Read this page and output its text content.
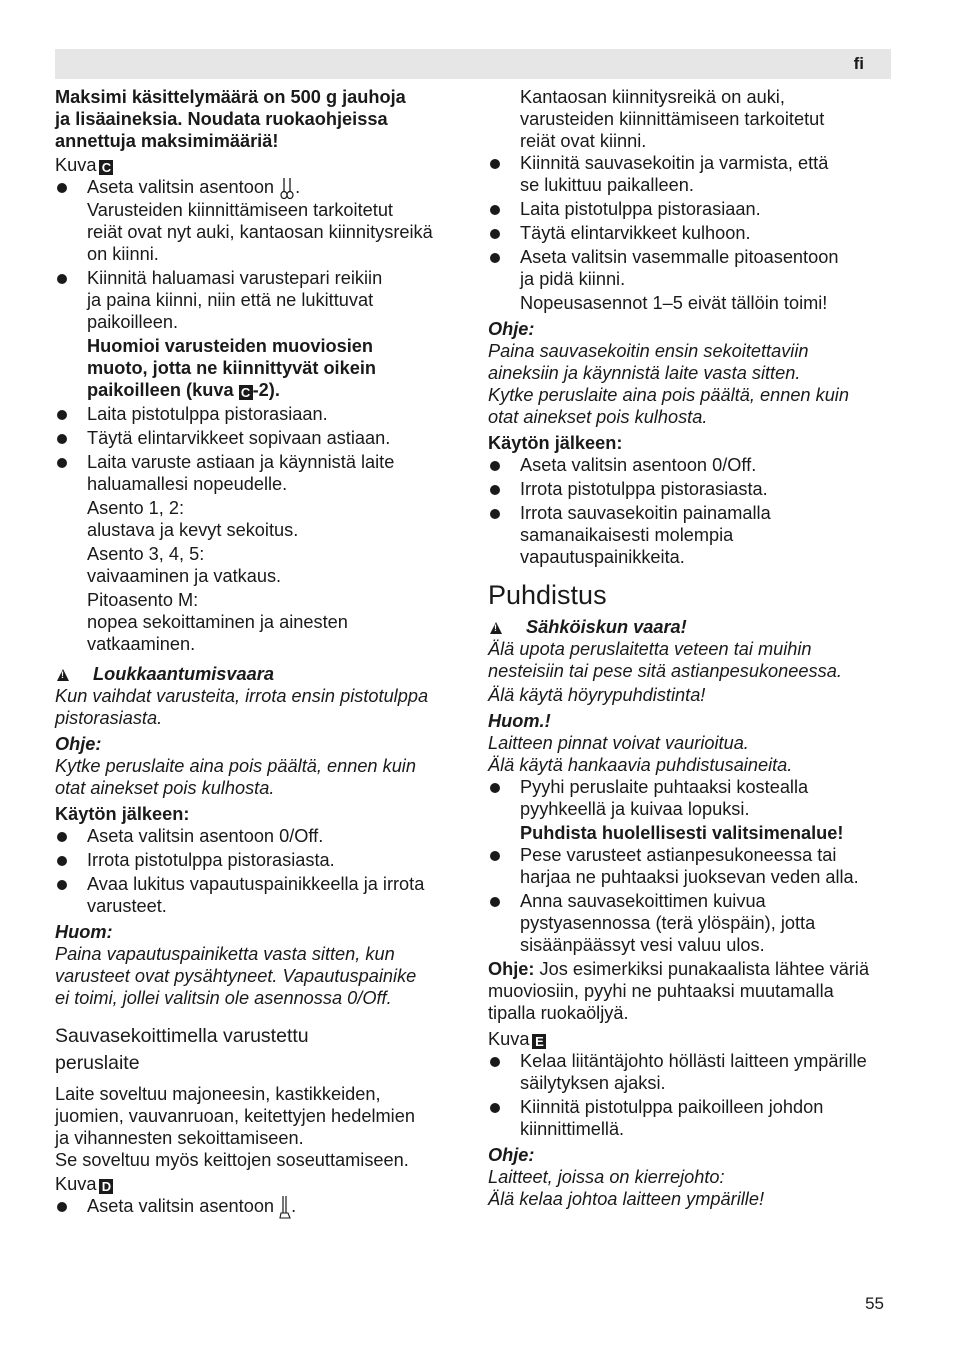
fi
Maksimi käsittelymäärä on 500 g jauhoja
ja lisäaineksia. Noudata ruokaohjeissa
annettuja maksimimääriä!
Kuva C
Aseta valitsin asentoon .
Varusteiden kiinnittämiseen tarkoitetut
reiät ovat nyt auki, kantaosan kiinnitysreikä
on kiinni.
Kiinnitä haluamasi varustepari reikiin
ja paina kiinni, niin että ne lukittuvat
paikoilleen.
Huomioi varusteiden muoviosien
muoto, jotta ne kiinnittyvät oikein
paikoilleen (kuva C -2).
Laita pistotulppa pistorasiaan.
Täytä elintarvikkeet sopivaan astiaan.
Laita varuste astiaan ja käynnistä laite
haluamallesi nopeudelle.
Asento 1, 2:
alustava ja kevyt sekoitus.
Asento 3, 4, 5:
vaivaaminen ja vatkaus.
Pitoasento M:
nopea sekoittaminen ja ainesten
vatkaaminen.
!Loukkaantumisvaara
Kun vaihdat varusteita, irrota ensin pistotulppa
pistorasiasta.
Ohje:
Kytke peruslaite aina pois päältä, ennen kuin
otat ainekset pois kulhosta.
Käytön jälkeen:
Aseta valitsin asentoon 0/Off.
Irrota pistotulppa pistorasiasta.
Avaa lukitus vapautuspainikkeella ja irrota
varusteet.
Huom:
Paina vapautuspainiketta vasta sitten, kun
varusteet ovat pysähtyneet. Vapautuspainike
ei toimi, jollei valitsin ole asennossa 0/Off.
Sauvasekoittimella varustettu
peruslaite
Laite soveltuu majoneesin, kastikkeiden,
juomien, vauvanruoan, keitettyjen hedelmien
ja vihannesten sekoittamiseen.
Se soveltuu myös keittojen soseuttamiseen.
Kuva D
Aseta valitsin asentoon .
Kantaosan kiinnitysreikä on auki,
varusteiden kiinnittämiseen tarkoitetut
reiät ovat kiinni.
Kiinnitä sauvasekoitin ja varmista, että
se lukittuu paikalleen.
Laita pistotulppa pistorasiaan.
Täytä elintarvikkeet kulhoon.
Aseta valitsin vasemmalle pitoasentoon
ja pidä kiinni.
Nopeusasennot 1–5 eivät tällöin toimi!
Ohje:
Paina sauvasekoitin ensin sekoitettaviin
aineksiin ja käynnistä laite vasta sitten.
Kytke peruslaite aina pois päältä, ennen kuin
otat ainekset pois kulhosta.
Käytön jälkeen:
Aseta valitsin asentoon 0/Off.
Irrota pistotulppa pistorasiasta.
Irrota sauvasekoitin painamalla
samanaikaisesti molempia
vapautuspainikkeita.
Puhdistus
!Sähköiskun vaara!
Älä upota peruslaitetta veteen tai muihin
nesteisiin tai pese sitä astianpesukoneessa.
Älä käytä höyrypuhdistinta!
Huom.!
Laitteen pinnat voivat vaurioitua.
Älä käytä hankaavia puhdistusaineita.
Pyyhi peruslaite puhtaaksi kostealla
pyyhkeellä ja kuivaa lopuksi.
Puhdista huolellisesti valitsimenalue!
Pese varusteet astianpesukoneessa tai
harjaa ne puhtaaksi juoksevan veden alla.
Anna sauvasekoittimen kuivua
pystyasennossa (terä ylöspäin), jotta
sisäänpäässyt vesi valuu ulos.
Ohje: Jos esimerkiksi punakaalista lähtee väriä
muoviosiin, pyyhi ne puhtaaksi muutamalla
tipalla ruokaöljyä.
Kuva E
Kelaa liitäntäjohto höllästi laitteen ympärille
säilytyksen ajaksi.
Kiinnitä pistotulppa paikoilleen johdon
kiinnittimellä.
Ohje:
Laitteet, joissa on kierrejohto:
Älä kelaa johtoa laitteen ympärille!
55
